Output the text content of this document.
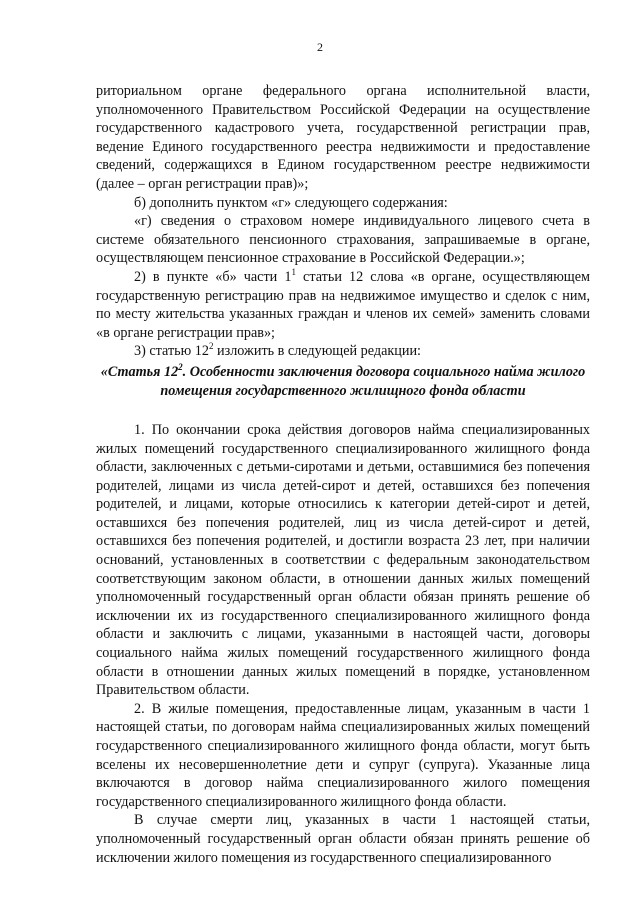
2

риториальном органе федерального органа исполнительной власти, уполномоченного Правительством Российской Федерации на осуществление государственного кадастрового учета, государственной регистрации прав, ведение Единого государственного реестра недвижимости и предоставление сведений, содержащихся в Едином государственном реестре недвижимости (далее – орган регистрации прав)»;

б) дополнить пунктом «г» следующего содержания:

«г) сведения о страховом номере индивидуального лицевого счета в системе обязательного пенсионного страхования, запрашиваемые в органе, осуществляющем пенсионное страхование в Российской Федерации.»;

2) в пункте «б» части $1^1$ статьи 12 слова «в органе, осуществляющем государственную регистрацию прав на недвижимое имущество и сделок с ним, по месту жительства указанных граждан и членов их семей» заменить словами «в органе регистрации прав»;

3) статью $12^2$ изложить в следующей редакции:

«Статья $12^2$. Особенности заключения договора социального найма жилого помещения государственного жилищного фонда области

1. По окончании срока действия договоров найма специализированных жилых помещений государственного специализированного жилищного фонда области, заключенных с детьми-сиротами и детьми, оставшимися без попечения родителей, лицами из числа детей-сирот и детей, оставшихся без попечения родителей, и лицами, которые относились к категории детей-сирот и детей, оставшихся без попечения родителей, лиц из числа детей-сирот и детей, оставшихся без попечения родителей, и достигли возраста 23 лет, при наличии оснований, установленных в соответствии с федеральным законодательством соответствующим законом области, в отношении данных жилых помещений уполномоченный государственный орган области обязан принять решение об исключении их из государственного специализированного жилищного фонда области и заключить с лицами, указанными в настоящей части, договоры социального найма жилых помещений государственного жилищного фонда области в отношении данных жилых помещений в порядке, установленном Правительством области.

2. В жилые помещения, предоставленные лицам, указанным в части 1 настоящей статьи, по договорам найма специализированных жилых помещений государственного специализированного жилищного фонда области, могут быть вселены их несовершеннолетние дети и супруг (супруга). Указанные лица включаются в договор найма специализированного жилого помещения государственного специализированного жилищного фонда области.

В случае смерти лиц, указанных в части 1 настоящей статьи, уполномоченный государственный орган области обязан принять решение об исключении жилого помещения из государственного специализированного
